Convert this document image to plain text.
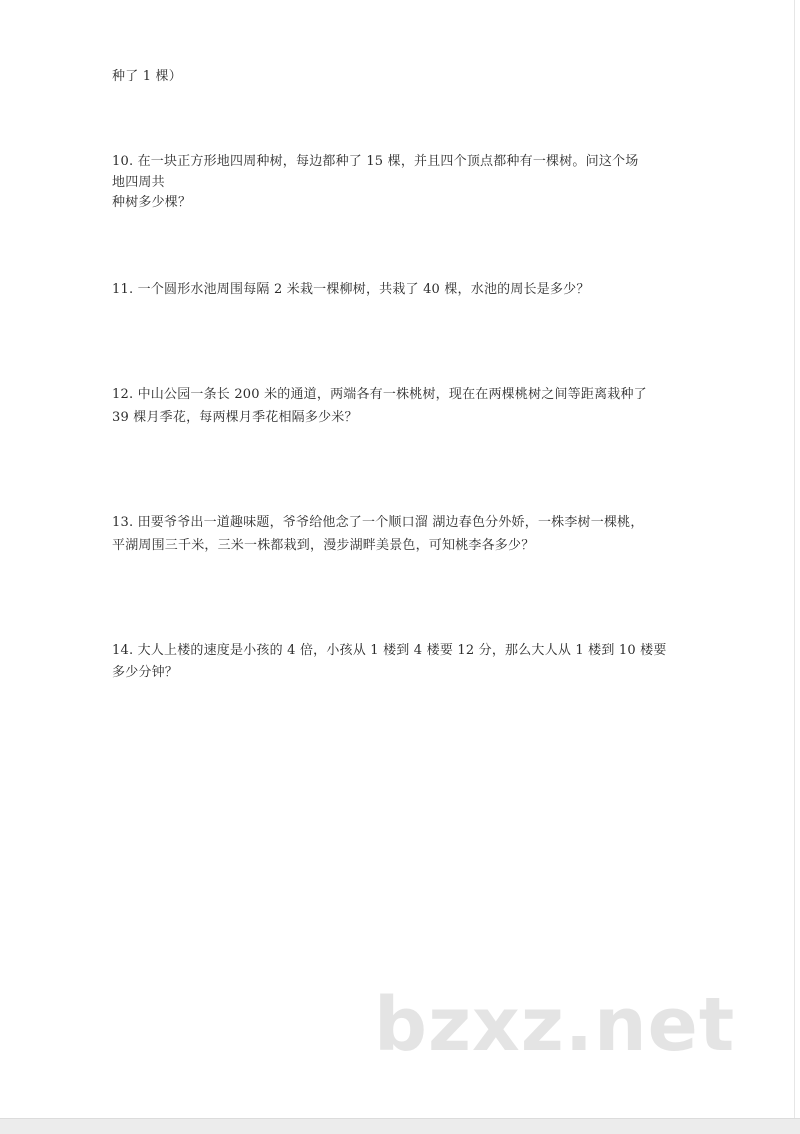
种了 1 棵）
10. 在一块正方形地四周种树，每边都种了 15 棵，并且四个顶点都种有一棵树。问这个场
地四周共
种树多少棵？
11. 一个圆形水池周围每隔 2 米栽一棵柳树，共栽了 40 棵，水池的周长是多少？
12. 中山公园一条长 200 米的通道，两端各有一株桃树，现在在两棵桃树之间等距离栽种了
39 棵月季花，每两棵月季花相隔多少米？
13. 田要爷爷出一道趣味题，爷爷给他念了一个顺口溜 湖边春色分外娇，一株李树一棵桃，
平湖周围三千米，三米一株都栽到，漫步湖畔美景色，可知桃李各多少？
14. 大人上楼的速度是小孩的 4 倍，小孩从 1 楼到 4 楼要 12 分，那么大人从 1 楼到 10 楼要
多少分钟？
bzxz.net
